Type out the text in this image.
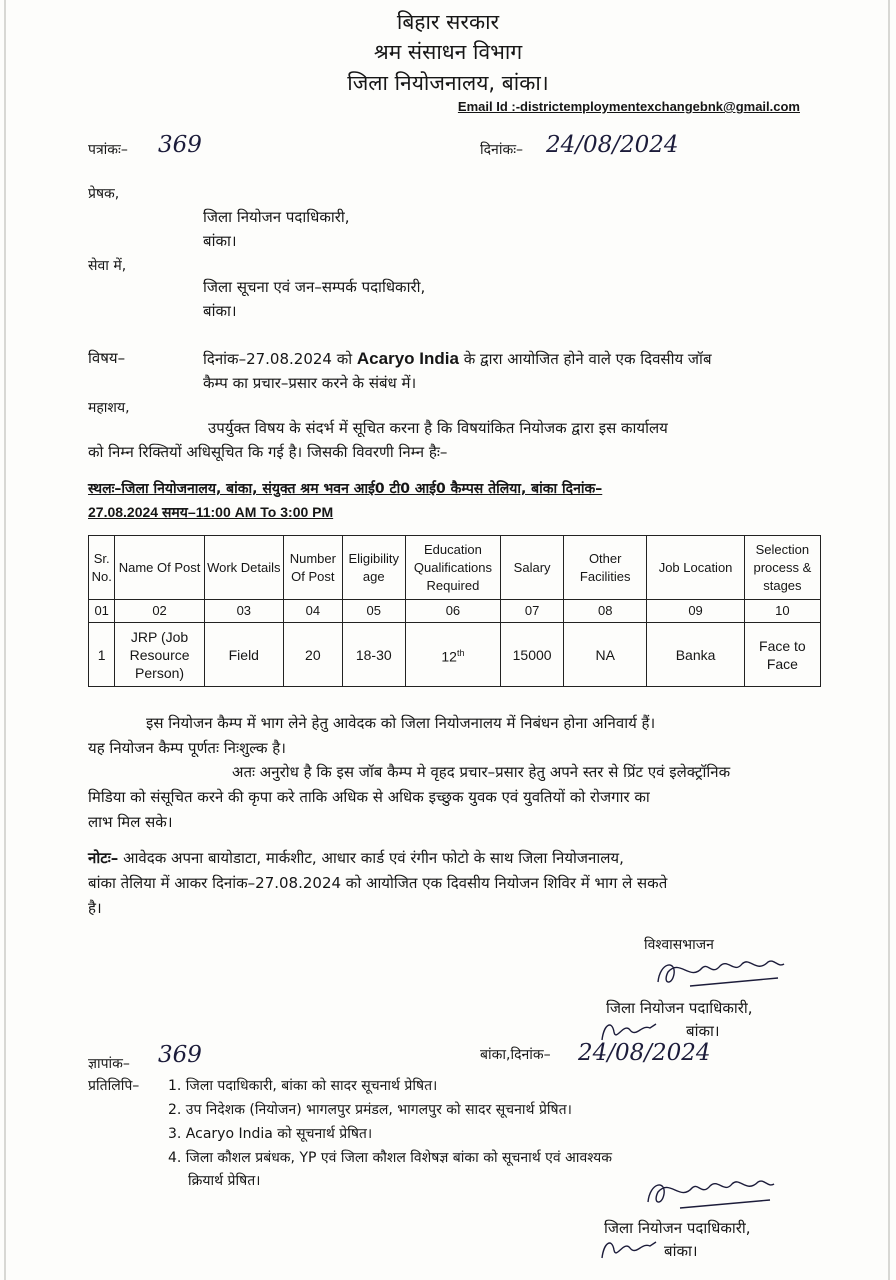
बिहार सरकार
श्रम संसाधन विभाग
जिला नियोजनालय, बांका।
Email Id :-districtemploymentexchangebnk@gmail.com
पत्रांकः– 369	दिनांकः– 24/08/2024
प्रेषक,
जिला नियोजन पदाधिकारी,
बांका।
सेवा में,
जिला सूचना एवं जन–सम्पर्क पदाधिकारी,
बांका।
विषय–	दिनांक–27.08.2024 को Acaryo India के द्वारा आयोजित होने वाले एक दिवसीय जॉब
कैम्प का प्रचार–प्रसार करने के संबंध में।
महाशय,
उपर्युक्त विषय के संदर्भ में सूचित करना है कि विषयांकित नियोजक द्वारा इस कार्यालय
को निम्न रिक्तियों अधिसूचित कि गई है। जिसकी विवरणी निम्न हैः–
स्थलः–जिला नियोजनालय, बांका, संयुक्त श्रम भवन आई0 टी0 आई0 कैम्पस तेलिया, बांका दिनांक–
27.08.2024 समय–11:00 AM To 3:00 PM
Sr. No.	Name Of Post	Work Details	Number Of Post	Eligibility age	Education Qualifications Required	Salary	Other Facilities	Job Location	Selection process & stages
01	02	03	04	05	06	07	08	09	10
1	JRP (Job Resource Person)	Field	20	18-30	12th	15000	NA	Banka	Face to Face
इस नियोजन कैम्प में भाग लेने हेतु आवेदक को जिला नियोजनालय में निबंधन होना अनिवार्य हैं।
यह नियोजन कैम्प पूर्णतः निःशुल्क है।
अतः अनुरोध है कि इस जॉब कैम्प मे वृहद प्रचार–प्रसार हेतु अपने स्तर से प्रिंट एवं इलेक्ट्रॉनिक
मिडिया को संसूचित करने की कृपा करे ताकि अधिक से अधिक इच्छुक युवक एवं युवतियों को रोजगार का
लाभ मिल सके।
नोटः– आवेदक अपना बायोडाटा, मार्कशीट, आधार कार्ड एवं रंगीन फोटो के साथ जिला नियोजनालय,
बांका तेलिया में आकर दिनांक–27.08.2024 को आयोजित एक दिवसीय नियोजन शिविर में भाग ले सकते
है।
विश्वासभाजन
जिला नियोजन पदाधिकारी,
बांका।
ज्ञापांक– 369	बांका,दिनांक– 24/08/2024
प्रतिलिपि– 1. जिला पदाधिकारी, बांका को सादर सूचनार्थ प्रेषित।
2. उप निदेशक (नियोजन) भागलपुर प्रमंडल, भागलपुर को सादर सूचनार्थ प्रेषित।
3. Acaryo India को सूचनार्थ प्रेषित।
4. जिला कौशल प्रबंधक, YP एवं जिला कौशल विशेषज्ञ बांका को सूचनार्थ एवं आवश्यक
क्रियार्थ प्रेषित।
जिला नियोजन पदाधिकारी,
बांका।
